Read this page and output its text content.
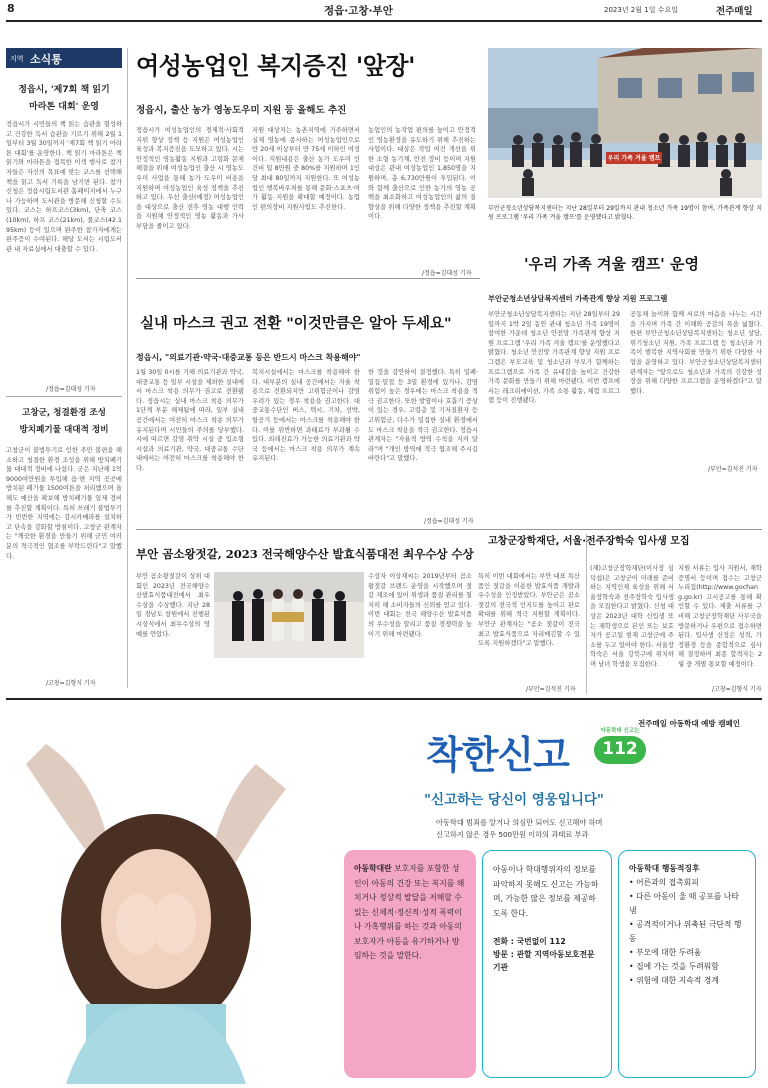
8	정읍·고창·부안	2023년 2월 1일 수요일	전주매일
지역 소식통
정읍시, '제7회 책 읽기
마라톤 대회' 운영
정읍시가 시민들의 책 읽는 습관을 형성하고 건강한 독서 습관을 기르기 위해 2월 1일부터 3월 30일까지 '제7회 책 읽기 마라톤 대회'를 운영한다. 책 읽기 마라톤은 책 읽기와 마라톤을 접목한 이색 행사로 참가자들은 자신의 목표에 맞는 코스를 선택해 책을 읽고 독서 기록을 남기면 된다. 참가 신청은 정읍시립도서관 홈페이지에서 누구나 가능하며 도서관을 방문해 신청할 수도 있다. 코스는 하프코스(3km), 단축 코스(10km), 하프 코스(21km), 풀코스(42.195km) 등이 있으며 완주한 참가자에게는 완주증이 수여된다. 해당 도서는 시립도서관 내 자료실에서 대출할 수 있다.
/정읍=김대성 기자
고창군, 청결환경 조성
방치폐기물 대대적 정비
고창군이 불법투기로 인한 주민 불편을 해소하고 청결한 환경 조성을 위해 방치폐기물 대대적 정비에 나섰다. 군은 지난해 1억9000여만원을 투입해 읍·면 지역 곳곳에 방치된 폐기물 1500여톤을 처리했으며 올해도 예산을 확보해 방치폐기물 일제 정비를 추진할 계획이다. 특히 쓰레기 불법투기가 빈번한 지역에는 감시카메라를 설치하고 단속을 강화할 방침이다. 고창군 관계자는 "깨끗한 환경을 만들기 위해 군민 여러분의 적극적인 협조를 부탁드린다"고 말했다.
/고창=김형식 기자
여성농업인 복지증진 '앞장'
정읍시, 출산 농가 영농도우미 지원 등 올해도 추진
정읍시가 여성농업인의 경제적·사회적 지위 향상 정책 등 지원은 여성농업인 육성과 복지증진을 도모하고 있다. 시는 안정적인 영농활동 지원과 고령화 문제 해결을 위해 여성농업인 출산 시 영농도우미 사업을 통해 농가 도우미 비용을 지원하며 여성농업인 육성 정책을 추진하고 있다. 우선 출산(예정) 여성농업인을 대상으로 출산 전후 영농 대행 인력을 지원해 안정적인 영농 활동과 가사 부담을 줄이고 있다.
지원 대상자는 농촌지역에 거주하면서 실제 영농에 종사하는 여성농업인으로 만 20세 이상부터 만 75세 이하인 여성이다. 지원내용은 출산 농가 도우미 인건비 일 8만원 중 80%를 지원하며 1인당 최대 80일까지 지원한다. 또 여성농업인 행복바우처를 통해 문화·스포츠·여가 활동 지원을 확대할 예정이다. 농업인 편의장비 지원사업도 추진한다.
농업인의 농작업 편의를 높이고 안정적인 영농환경을 유도하기 위해 추진하는 사업이다. 대상은 작업 여건 개선을 위한 소형 농기계, 안전 장비 등이며 지원 대상은 관내 여성농업인 1,850명을 지원하며, 총 6,730만원이 투입된다. 이와 함께 출산으로 인한 농가의 영농 공백을 최소화하고 여성농업인의 삶의 질 향상을 위해 다양한 정책을 추진할 계획이다.
/정읍=김대성 기자
우리 가족 겨울 캠프
부안군청소년상담복지센터는 지난 28일부터 29일까지 관내 청소년 가족 19명이 참여, 가족관계 향상 지원 프로그램 '우리 가족 겨울 캠프'를 운영했다고 밝혔다.
'우리 가족 겨울 캠프' 운영
부안군청소년상담복지센터 가족관계 향상 지원 프로그램
부안군청소년상담복지센터는 지난 28일부터 29일까지 1박 2일 동안 관내 청소년 가족 19명이 참여한 가운데 청소년 안전망 가족관계 향상 지원 프로그램 '우리 가족 겨울 캠프'를 운영했다고 밝혔다. 청소년 안전망 가족관계 향상 지원 프로그램은 부모교육 및 청소년과 부모가 함께하는 프로그램으로 가족 간 유대감을 높이고 건강한 가족 문화를 만들기 위해 마련됐다. 이번 캠프에서는 레크리에이션, 가족 소통 활동, 체험 프로그램 등이 진행됐다.
공동체 놀이와 함께 서로의 마음을 나누는 시간을 가지며 가족 간 이해와 공감의 폭을 넓혔다. 한편 부안군청소년상담복지센터는 청소년 상담, 위기청소년 지원, 가족 프로그램 등 청소년과 가족이 행복한 지역사회를 만들기 위한 다양한 사업을 운영하고 있다. 부안군청소년상담복지센터 관계자는 "앞으로도 청소년과 가족의 건강한 성장을 위해 다양한 프로그램을 운영하겠다"고 말했다.
/부안=김석진 기자
실내 마스크 권고 전환 "이것만큼은 알아 두세요"
정읍시, "의료기관·약국·대중교통 등은 반드시 마스크 착용해야"
1월 30일 0시를 기해 의료기관과 약국, 대중교통 등 일부 시설을 제외한 실내에서 마스크 착용 의무가 권고로 전환됐다. 정읍시는 실내 마스크 착용 의무가 1단계 부분 해제됨에 따라, 일부 실내 공간에서는 여전히 마스크 착용 의무가 유지된다며 시민들의 주의를 당부했다. 시에 따르면 감염 취약 시설 중 입소형 시설과 의료기관, 약국, 대중교통 수단 내에서는 여전히 마스크를 착용해야 한다.
복지시설에서는 마스크를 착용해야 한다. 대부분의 실내 공간에서는 자율 착용으로 전환되지만 고위험군이나 감염 우려가 있는 경우 착용을 권고한다. 대중교통수단인 버스, 택시, 기차, 선박, 항공기 등에서는 마스크를 착용해야 한다. 이를 위반하면 과태료가 부과될 수 있다. 외래진료가 가능한 의료기관과 약국 등에서는 마스크 착용 의무가 계속 유지된다.
한 것을 감안하여 결정했다. 특히 밀폐·밀집·밀접 등 3밀 환경에 있거나, 감염 위험이 높은 경우에는 마스크 착용을 적극 권고한다. 또한 발열이나 호흡기 증상이 있는 경우, 고령층 및 기저질환자 등 고위험군, 다수가 밀집한 실내 환경에서도 마스크 착용을 적극 권고한다. 정읍시 관계자는 "자율적 방역 수칙을 지켜 달라"며 "개인 방역에 적극 협조해 주시길 바란다"고 말했다.
/정읍=김대성 기자
부안 곰소왕젓갈, 2023 전국해양수산 발효식품대전 최우수상 수상
부안 곰소왕젓갈이 상위 대회인 2023년 전국해양수산발효식품대전에서 최우수상을 수상했다. 지난 28일 경남도 창원에서 진행된 시상식에서 최우수상의 영예를 안았다.
수상자 이상재씨는 2019년부터 곰소 왕젓갈 브랜드 운영을 시작했으며 젓갈 제조에 있어 위생과 품질 관리를 철저히 해 소비자들의 신뢰를 얻고 있다. 이번 대회는 전국 해양수산 발효식품의 우수성을 알리고 품질 경쟁력을 높이기 위해 마련됐다.
특히 이번 대회에서는 부안 대표 특산품인 젓갈을 이용한 발효식품 개발과 우수성을 인정받았다. 부안군은 곰소 젓갈의 전국적 인지도를 높이고 판로 확대를 위해 적극 지원할 계획이다. 부안군 관계자는 "곰소 젓갈이 전국 최고 발효식품으로 자리매김할 수 있도록 지원하겠다"고 말했다.
/부안=김석진 기자
고창군장학재단, 서울·전주장학숙 입사생 모집
(재)고창군장학재단(이사장 심덕섭)은 고창군이 미래를 준비하는 지역인재 육성을 위해 서울장학숙과 전주장학숙 입사생을 모집한다고 밝혔다. 신청 대상은 2023년 대학 신입생 또는 재학생으로 본인 또는 보호자가 공고일 현재 고창군에 주소를 두고 있어야 한다. 서울장학숙은 서울 강북구에 위치하며 남녀 학생을 모집한다.
지원 서류는 입사 지원서, 재학증명서 등이며 접수는 고창군 누리집(http://www.gochang.go.kr) 고시공고를 통해 확인할 수 있다. 제출 서류를 구비해 고창군장학재단 사무국을 방문하거나 우편으로 접수하면 된다. 입사생 선정은 성적, 가정환경 등을 종합적으로 심사해 결정하며 최종 합격자는 2월 중 개별 통보할 예정이다.
/고창=김형식 기자
전주매일 아동학대 예방 캠페인
착한신고
아동학대 신고는
112
"신고하는 당신이 영웅입니다"
아동학대 범죄를 알거나 의심만 되어도 신고해야 하며
신고하지 않은 경우 500만원 이하의 과태료 부과
아동학대란 보호자를 포함한 성인이 아동의 건강 또는 복지를 해치거나 정상적 발달을 저해할 수 있는 신체적·정신적·성적 폭력이나 가혹행위를 하는 것과 아동의 보호자가 아동을 유기하거나 방임하는 것을 말한다.
아동이나 학대행위자의 정보를 파악하지 못해도 신고는 가능하며, 가능한 많은 정보를 제공하도록 한다.
전화 : 국번없이 112
방문 : 관할 지역아동보호전문기관
아동학대 행동적징후
• 어른과의 접촉회피
• 다른 아동이 울 때 공포를 나타냄
• 공격적이거나 위축된 극단적 행동
• 부모에 대한 두려움
• 집에 가는 것을 두려워함
• 위험에 대한 지속적 경계
